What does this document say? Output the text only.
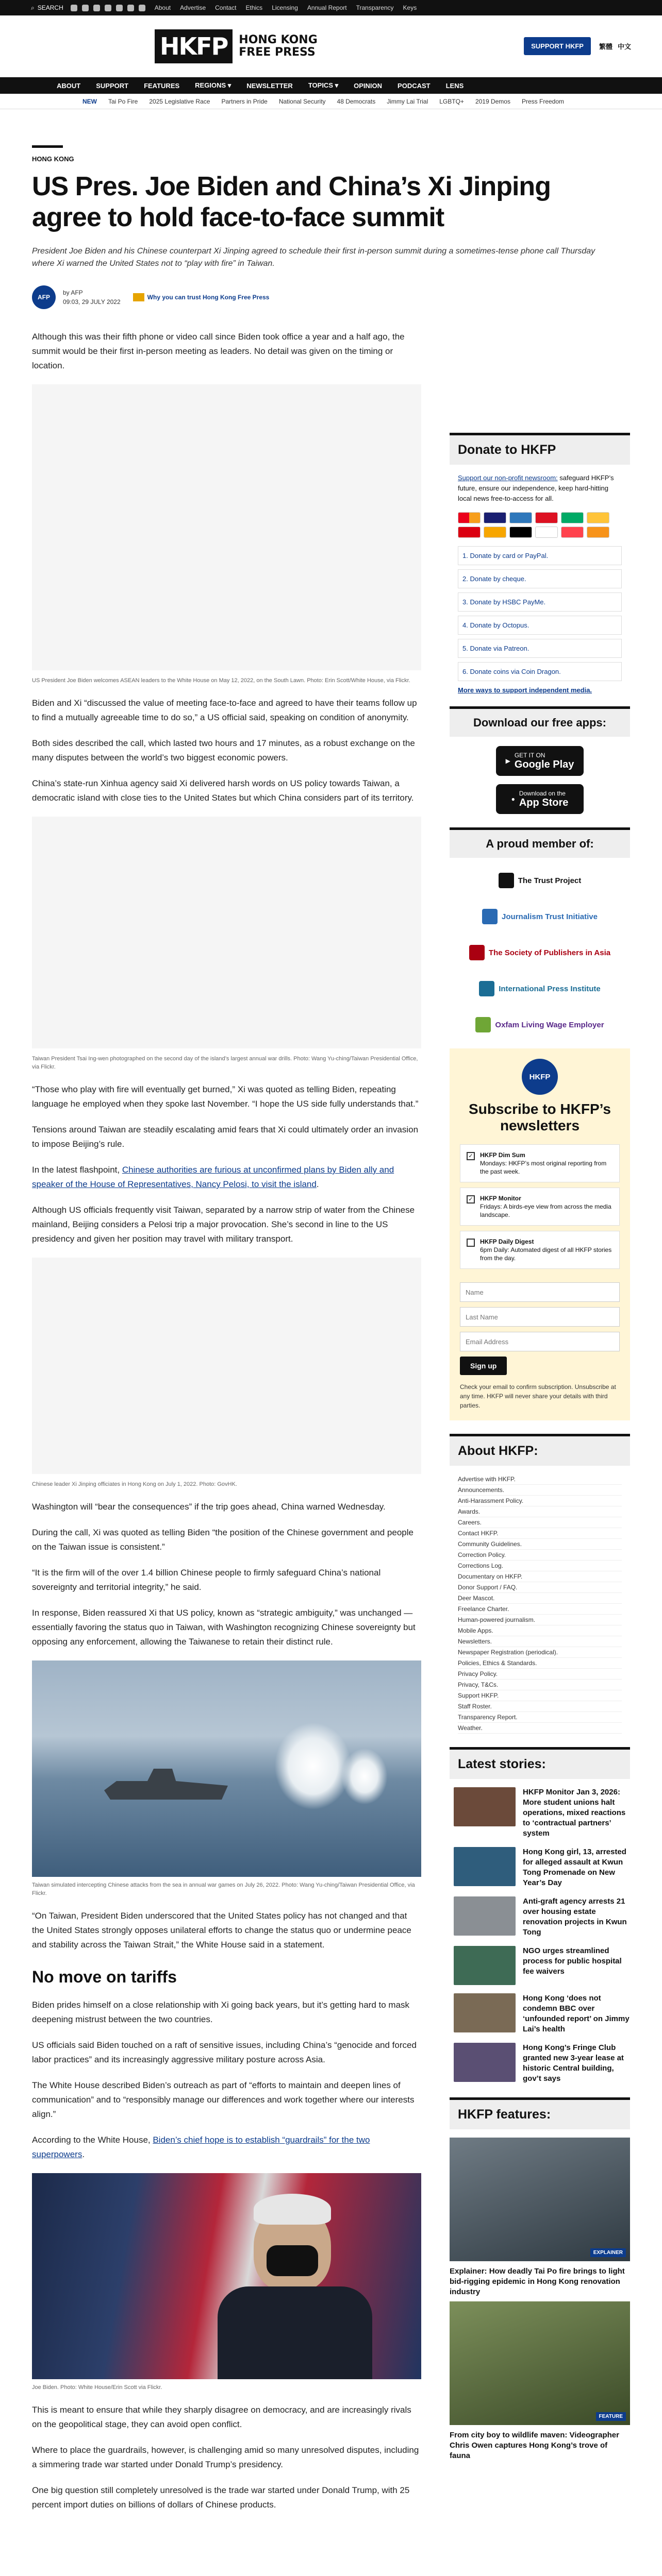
⌕ SEARCH	About Advertise Contact Ethics Licensing Annual Report Transparency Keys
HKFP	HONG KONG
FREE PRESS	SUPPORT HKFP	繁體 中文
ABOUT SUPPORT FEATURES REGIONS ▾ NEWSLETTER TOPICS ▾ OPINION PODCAST LENS
NEW Tai Po Fire 2025 Legislative Race Partners in Pride National Security 48 Democrats Jimmy Lai Trial LGBTQ+ 2019 Demos Press Freedom
HONG KONG
US Pres. Joe Biden and China’s Xi Jinping agree to hold face-to-face summit
President Joe Biden and his Chinese counterpart Xi Jinping agreed to schedule their first in-person summit during a sometimes-tense phone call Thursday where Xi warned the United States not to “play with fire” in Taiwan.
AFP
by AFP
09:03, 29 JULY 2022
Why you can trust Hong Kong Free Press

Although this was their fifth phone or video call since Biden took office a year and a half ago, the summit would be their first in-person meeting as leaders. No detail was given on the timing or location.

US President Joe Biden welcomes ASEAN leaders to the White House on May 12, 2022, on the South Lawn. Photo: Erin Scott/White House, via Flickr.

Biden and Xi “discussed the value of meeting face-to-face and agreed to have their teams follow up to find a mutually agreeable time to do so,” a US official said, speaking on condition of anonymity.

Both sides described the call, which lasted two hours and 17 minutes, as a robust exchange on the many disputes between the world’s two biggest economic powers.

China’s state-run Xinhua agency said Xi delivered harsh words on US policy towards Taiwan, a democratic island with close ties to the United States but which China considers part of its territory.

Taiwan President Tsai Ing-wen photographed on the second day of the island’s largest annual war drills. Photo: Wang Yu-ching/Taiwan Presidential Office, via Flickr.

“Those who play with fire will eventually get burned,” Xi was quoted as telling Biden, repeating language he employed when they spoke last November. “I hope the US side fully understands that.”

Tensions around Taiwan are steadily escalating amid fears that Xi could ultimately order an invasion to impose Beijing’s rule.

In the latest flashpoint, Chinese authorities are furious at unconfirmed plans by Biden ally and speaker of the House of Representatives, Nancy Pelosi, to visit the island.

Although US officials frequently visit Taiwan, separated by a narrow strip of water from the Chinese mainland, Beijing considers a Pelosi trip a major provocation. She’s second in line to the US presidency and given her position may travel with military transport.

Chinese leader Xi Jinping officiates in Hong Kong on July 1, 2022. Photo: GovHK.

Washington will “bear the consequences” if the trip goes ahead, China warned Wednesday.

During the call, Xi was quoted as telling Biden “the position of the Chinese government and people on the Taiwan issue is consistent.”

“It is the firm will of the over 1.4 billion Chinese people to firmly safeguard China’s national sovereignty and territorial integrity,” he said.

In response, Biden reassured Xi that US policy, known as “strategic ambiguity,” was unchanged — essentially favoring the status quo in Taiwan, with Washington recognizing Chinese sovereignty but opposing any enforcement, allowing the Taiwanese to retain their distinct rule.

Taiwan simulated intercepting Chinese attacks from the sea in annual war games on July 26, 2022. Photo: Wang Yu-ching/Taiwan Presidential Office, via Flickr.

“On Taiwan, President Biden underscored that the United States policy has not changed and that the United States strongly opposes unilateral efforts to change the status quo or undermine peace and stability across the Taiwan Strait,” the White House said in a statement.

No move on tariffs

Biden prides himself on a close relationship with Xi going back years, but it’s getting hard to mask deepening mistrust between the two countries.

US officials said Biden touched on a raft of sensitive issues, including China’s “genocide and forced labor practices” and its increasingly aggressive military posture across Asia.

The White House described Biden’s outreach as part of “efforts to maintain and deepen lines of communication” and to “responsibly manage our differences and work together where our interests align.”

According to the White House, Biden’s chief hope is to establish “guardrails” for the two superpowers.

Joe Biden. Photo: White House/Erin Scott via Flickr.

This is meant to ensure that while they sharply disagree on democracy, and are increasingly rivals on the geopolitical stage, they can avoid open conflict.

Where to place the guardrails, however, is challenging amid so many unresolved disputes, including a simmering trade war started under Donald Trump’s presidency.

One big question still completely unresolved is the trade war started under Donald Trump, with 25 percent import duties on billions of dollars of Chinese products.

Donate to HKFP
Support our non-profit newsroom: safeguard HKFP’s future, ensure our independence, keep hard-hitting local news free-to-access for all.
1. Donate by card or PayPal.
2. Donate by cheque.
3. Donate by HSBC PayMe.
4. Donate by Octopus.
5. Donate via Patreon.
6. Donate coins via Coin Dragon.
More ways to support independent media.
Download our free apps:
▶
GET IT ON
Google Play
●
Download on the
App Store
A proud member of:
The Trust Project
Journalism Trust Initiative
The Society of Publishers in Asia
International Press Institute
Oxfam Living Wage Employer
HKFP
Subscribe to HKFP’s newsletters
✓ HKFP Dim Sum
Mondays: HKFP’s most original reporting from the past week.
✓ HKFP Monitor
Fridays: A birds-eye view from across the media landscape.
HKFP Daily Digest
6pm Daily: Automated digest of all HKFP stories from the day.
Name Last Name Email Address Sign up
Check your email to confirm subscription. Unsubscribe at any time. HKFP will never share your details with third parties.
About HKFP:
Advertise with HKFP.
Announcements.
Anti-Harassment Policy.
Awards.
Careers.
Contact HKFP.
Community Guidelines.
Correction Policy.
Corrections Log.
Documentary on HKFP.
Donor Support / FAQ.
Deer Mascot.
Freelance Charter.
Human-powered journalism.
Mobile Apps.
Newsletters.
Newspaper Registration (periodical).
Policies, Ethics & Standards.
Privacy Policy.
Privacy, T&Cs.
Support HKFP.
Staff Roster.
Transparency Report.
Weather.
Latest stories:
HKFP Monitor Jan 3, 2026: More student unions halt operations, mixed reactions to ‘contractual partners’ system
Hong Kong girl, 13, arrested for alleged assault at Kwun Tong Promenade on New Year’s Day
Anti-graft agency arrests 21 over housing estate renovation projects in Kwun Tong
NGO urges streamlined process for public hospital fee waivers
Hong Kong ‘does not condemn BBC over ‘unfounded report’ on Jimmy Lai’s health
Hong Kong’s Fringe Club granted new 3-year lease at historic Central building, gov’t says
HKFP features:
EXPLAINER
Explainer: How deadly Tai Po fire brings to light bid-rigging epidemic in Hong Kong renovation industry
FEATURE
From city boy to wildlife maven: Videographer Chris Owen captures Hong Kong’s trove of fauna
